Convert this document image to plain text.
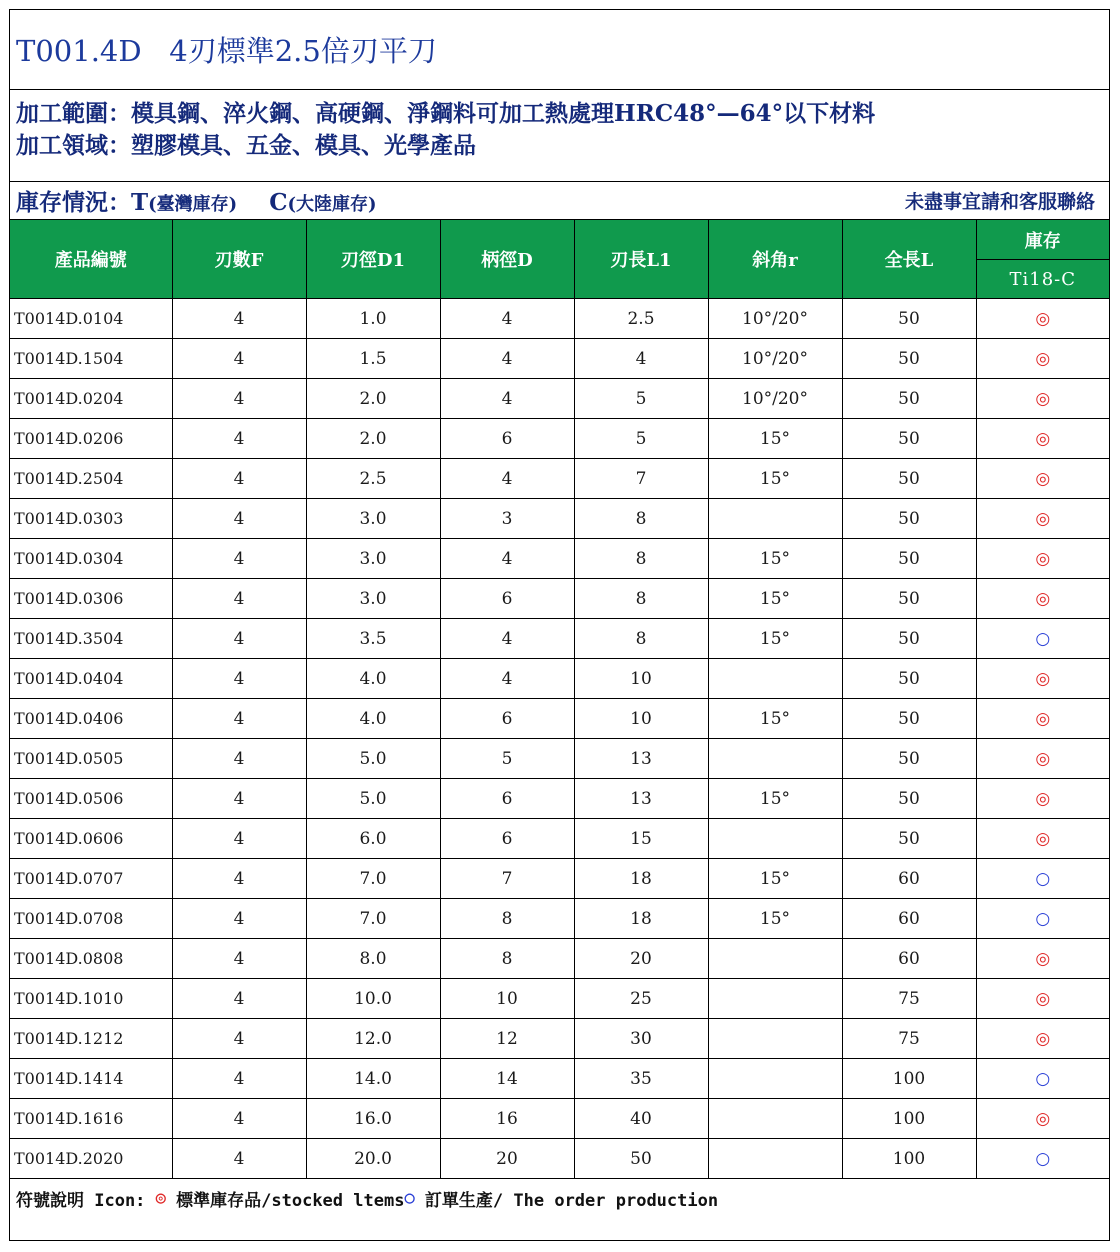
T001.4D   4刃標準2.5倍刃平刀
加工範圍：模具鋼、淬火鋼、高硬鋼、淨鋼料可加工熱處理HRC48°—64°以下材料
加工領域：塑膠模具、五金、模具、光學產品
庫存情況：T(臺灣庫存) C(大陸庫存)	未盡事宜請和客服聯絡
產品編號	刃數F	刃徑D1	柄徑D	刃長L1	斜角r	全長L	庫存
							Ti18-C
T0014D.0104	4	1.0	4	2.5	10°/20°	50	◎
T0014D.1504	4	1.5	4	4	10°/20°	50	◎
T0014D.0204	4	2.0	4	5	10°/20°	50	◎
T0014D.0206	4	2.0	6	5	15°	50	◎
T0014D.2504	4	2.5	4	7	15°	50	◎
T0014D.0303	4	3.0	3	8		50	◎
T0014D.0304	4	3.0	4	8	15°	50	◎
T0014D.0306	4	3.0	6	8	15°	50	◎
T0014D.3504	4	3.5	4	8	15°	50	○
T0014D.0404	4	4.0	4	10		50	◎
T0014D.0406	4	4.0	6	10	15°	50	◎
T0014D.0505	4	5.0	5	13		50	◎
T0014D.0506	4	5.0	6	13	15°	50	◎
T0014D.0606	4	6.0	6	15		50	◎
T0014D.0707	4	7.0	7	18	15°	60	○
T0014D.0708	4	7.0	8	18	15°	60	○
T0014D.0808	4	8.0	8	20		60	◎
T0014D.1010	4	10.0	10	25		75	◎
T0014D.1212	4	12.0	12	30		75	◎
T0014D.1414	4	14.0	14	35		100	○
T0014D.1616	4	16.0	16	40		100	◎
T0014D.2020	4	20.0	20	50		100	○
符號說明 Icon: ◎ 標準庫存品/stocked ltems ○ 訂單生產/ The order production
